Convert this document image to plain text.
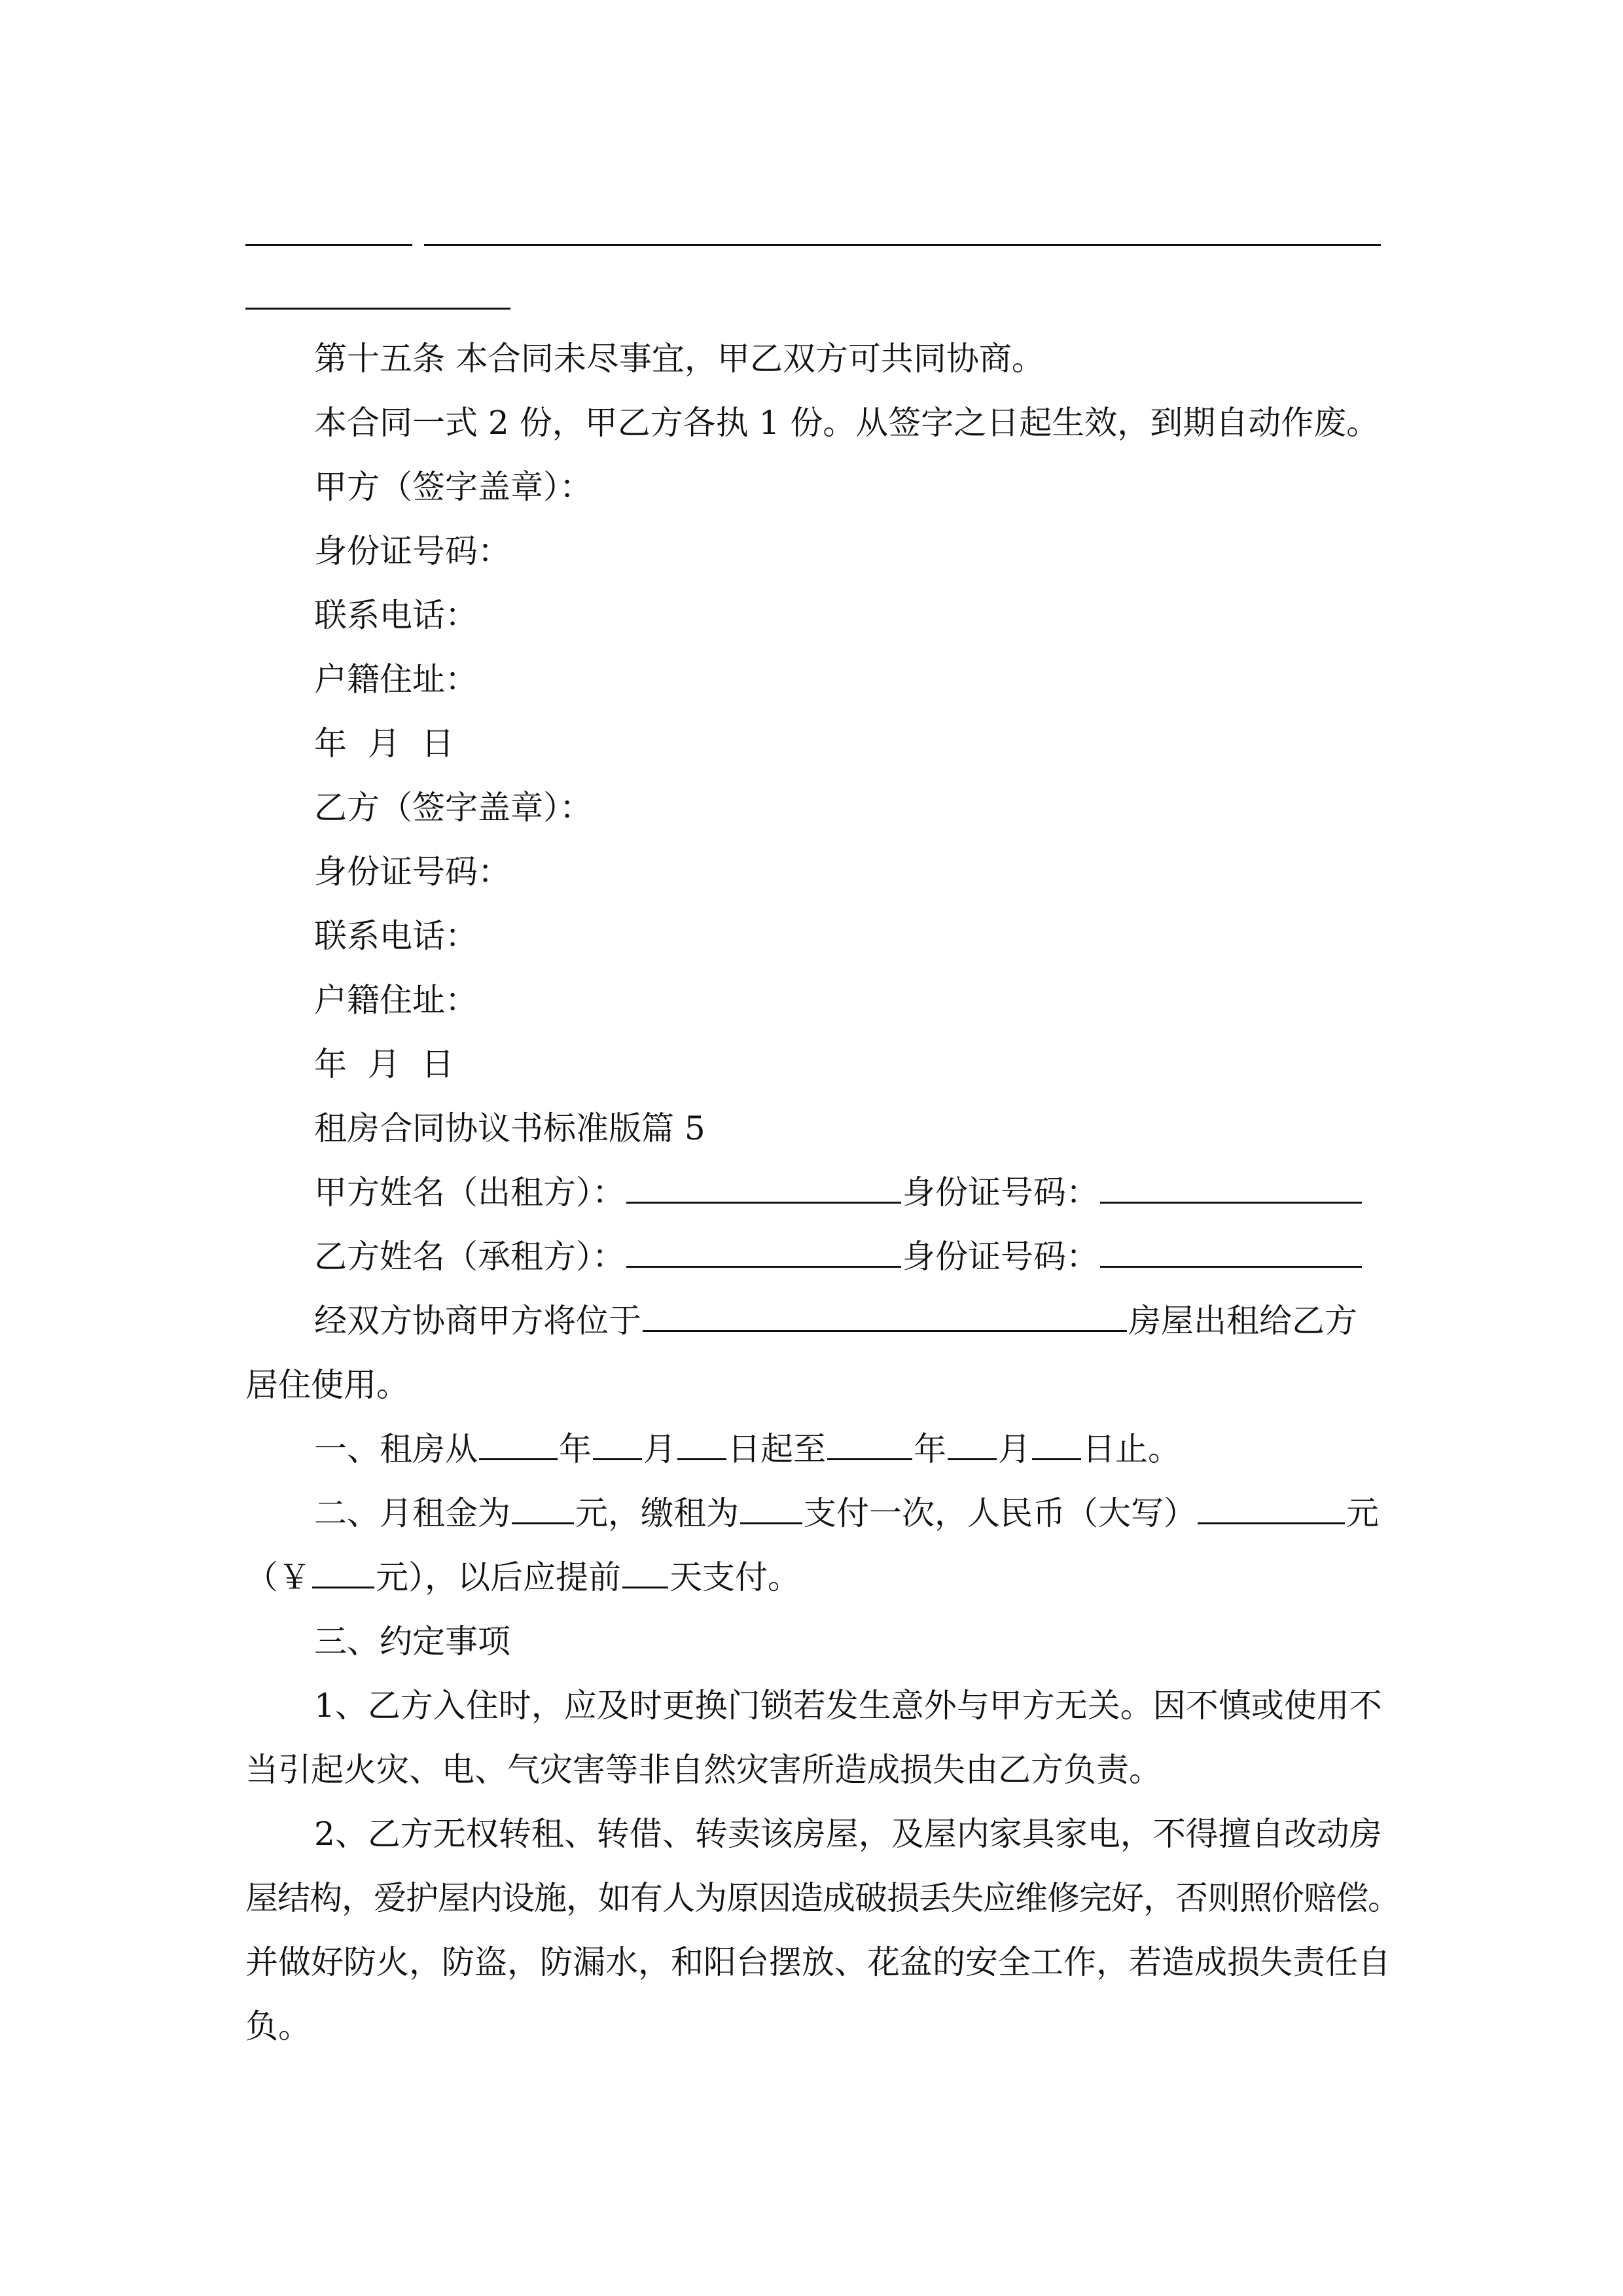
第十五条 本合同未尽事宜，甲乙双方可共同协商。
本合同一式 2 份，甲乙方各执 1 份。从签字之日起生效，到期自动作废。
甲方（签字盖章）：
身份证号码：
联系电话：
户籍住址：
年  月  日
乙方（签字盖章）：
身份证号码：
联系电话：
户籍住址：
年  月  日
租房合同协议书标准版篇 5
甲方姓名（出租方）：	身份证号码：
乙方姓名（承租方）：	身份证号码：
经双方协商甲方将位于	房屋出租给乙方
居住使用。
一、租房从 年 月 日起至	年 月 日止。
二、月租金为 元，缴租为 支付一次，人民币（大写）	元
（￥ 元），以后应提前 天支付。
三、约定事项
1、乙方入住时，应及时更换门锁若发生意外与甲方无关。因不慎或使用不
当引起火灾、电、气灾害等非自然灾害所造成损失由乙方负责。
2、乙方无权转租、转借、转卖该房屋，及屋内家具家电，不得擅自改动房
屋结构，爱护屋内设施，如有人为原因造成破损丢失应维修完好，否则照价赔偿。
并做好防火，防盗，防漏水，和阳台摆放、花盆的安全工作，若造成损失责任自
负。
